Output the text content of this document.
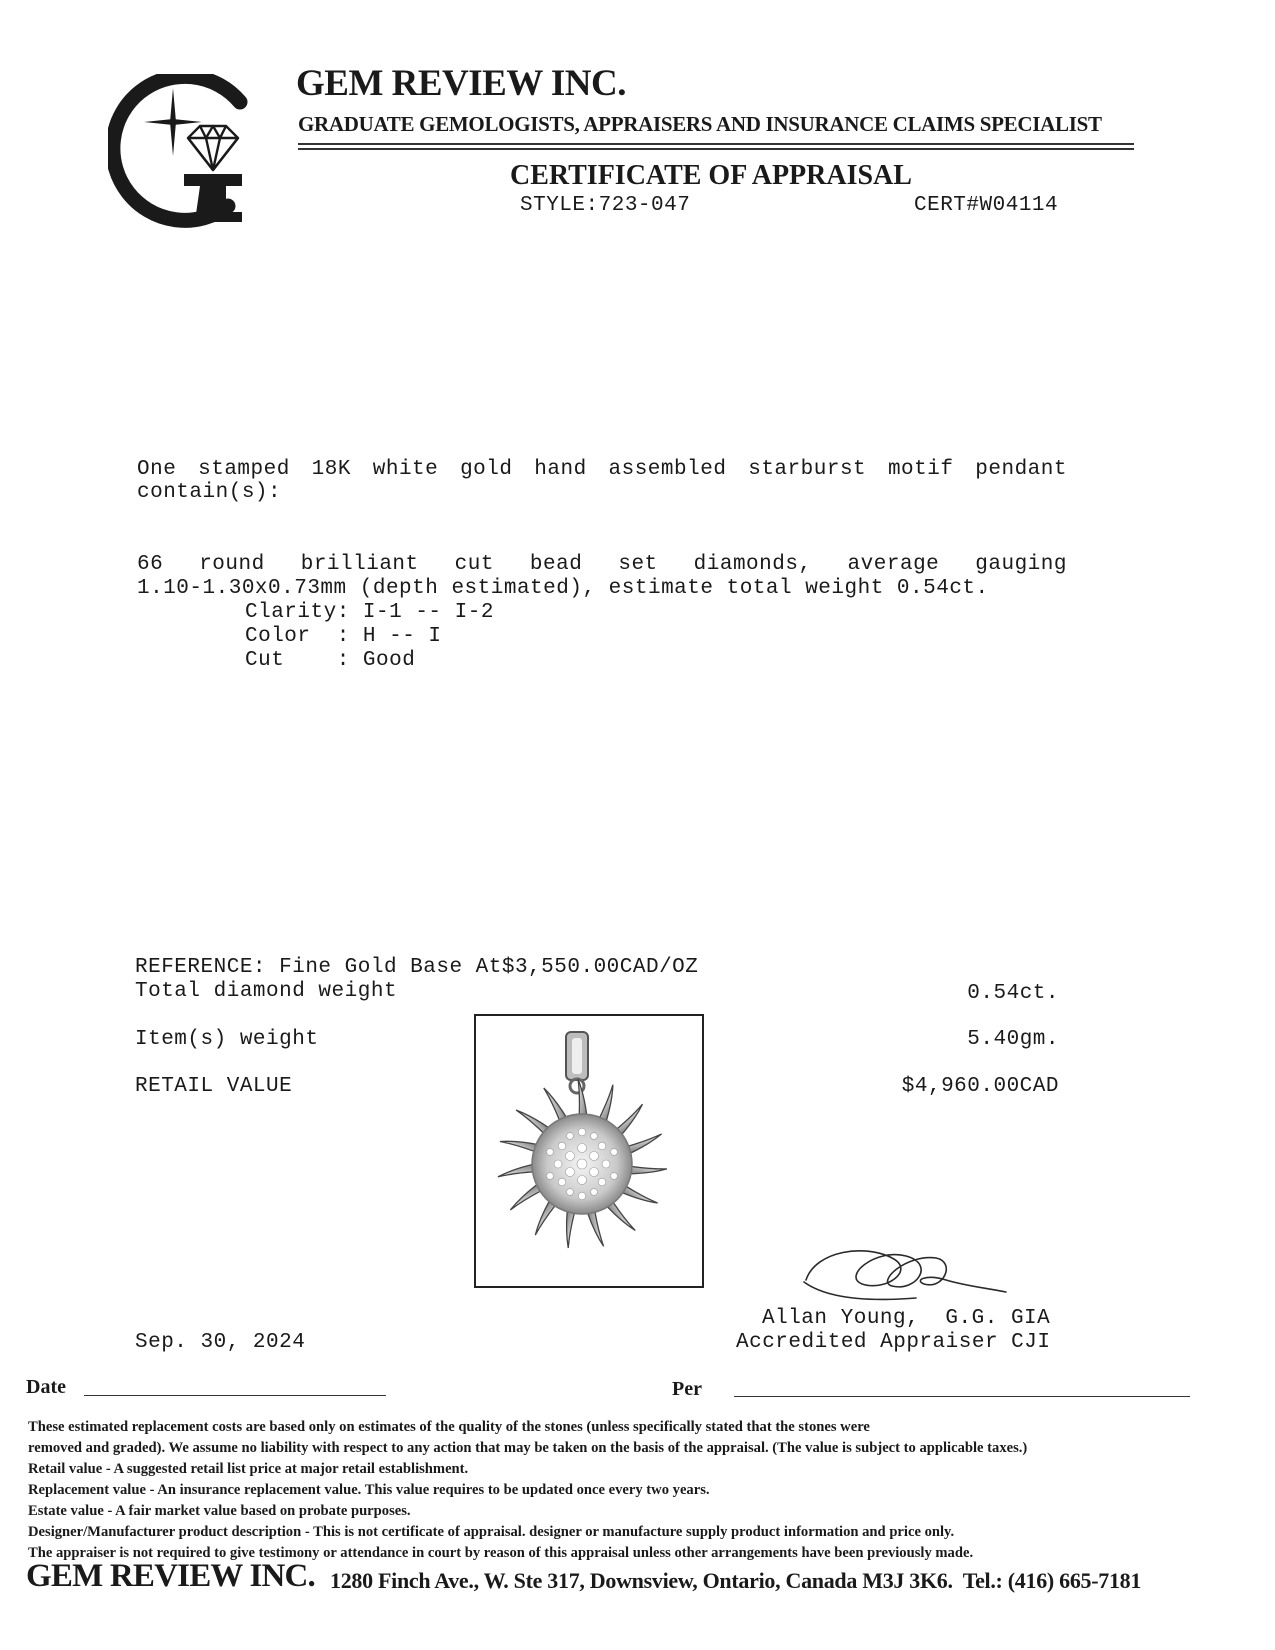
GEM REVIEW INC.
GRADUATE GEMOLOGISTS, APPRAISERS AND INSURANCE CLAIMS SPECIALIST
CERTIFICATE OF APPRAISAL
STYLE:723-047	CERT#W04114
One stamped 18K white gold hand assembled starburst motif pendant
contain(s):
66 round brilliant cut bead set diamonds, average gauging
1.10-1.30x0.73mm (depth estimated), estimate total weight 0.54ct.
Clarity: I-1 -- I-2
Color  : H -- I
Cut    : Good
REFERENCE: Fine Gold Base At$3,550.00CAD/OZ
Total diamond weight	0.54ct.
Item(s) weight	5.40gm.
RETAIL VALUE	$4,960.00CAD
Allan Young,  G.G. GIA
Accredited Appraiser CJI
Sep. 30, 2024
Date	Per
These estimated replacement costs are based only on estimates of the quality of the stones (unless specifically stated that the stones were
removed and graded). We assume no liability with respect to any action that may be taken on the basis of the appraisal. (The value is subject to applicable taxes.)
Retail value - A suggested retail list price at major retail establishment.
Replacement value - An insurance replacement value. This value requires to be updated once every two years.
Estate value - A fair market value based on probate purposes.
Designer/Manufacturer product description - This is not certificate of appraisal. designer or manufacture supply product information and price only.
The appraiser is not required to give testimony or attendance in court by reason of this appraisal unless other arrangements have been previously made.
GEM REVIEW INC. 1280 Finch Ave., W. Ste 317, Downsview, Ontario, Canada M3J 3K6.  Tel.: (416) 665-7181
